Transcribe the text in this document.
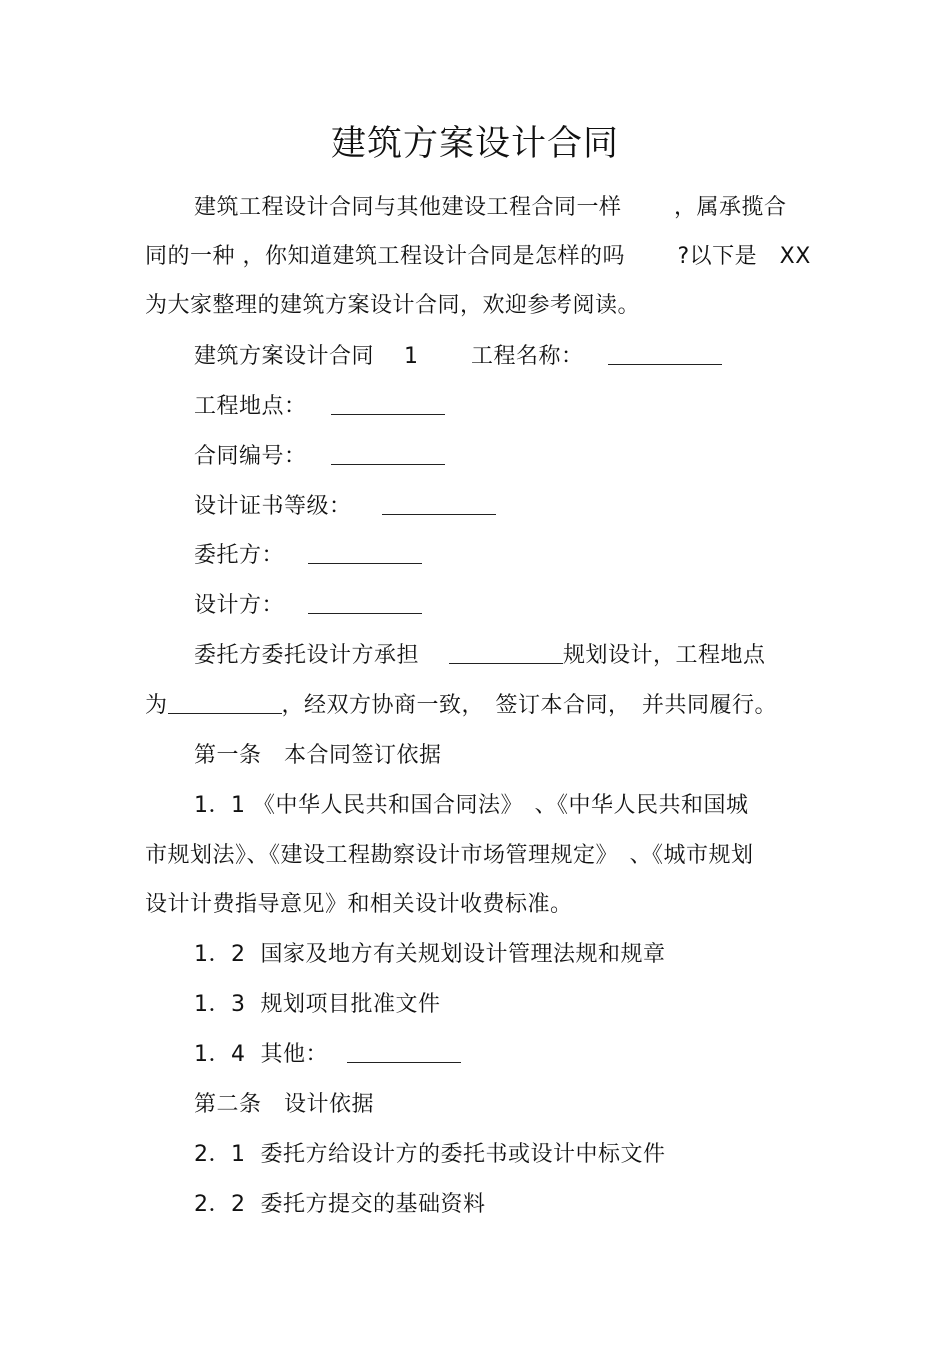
建筑方案设计合同
建筑工程设计合同与其他建设工程合同一样　　 ，属承揽合
同的一种 ，你知道建筑工程设计合同是怎样的吗　　 ?以下是　XX
为大家整理的建筑方案设计合同，欢迎参考阅读。
建筑方案设计合同　 1　　 工程名称：
工程地点：
合同编号：
设计证书等级：
委托方：
设计方：
委托方委托设计方承担　	规划设计，工程地点
为	，经双方协商一致，　签订本合同，　并共同履行。
第一条　本合同签订依据
1．1 《中华人民共和国合同法》　、《中华人民共和国城
市规划法》、《建设工程勘察设计市场管理规定》　、《城市规划
设计计费指导意见》和相关设计收费标准。
1．2  国家及地方有关规划设计管理法规和规章
1．3  规划项目批准文件
1．4  其他：
第二条　设计依据
2．1  委托方给设计方的委托书或设计中标文件
2．2  委托方提交的基础资料
